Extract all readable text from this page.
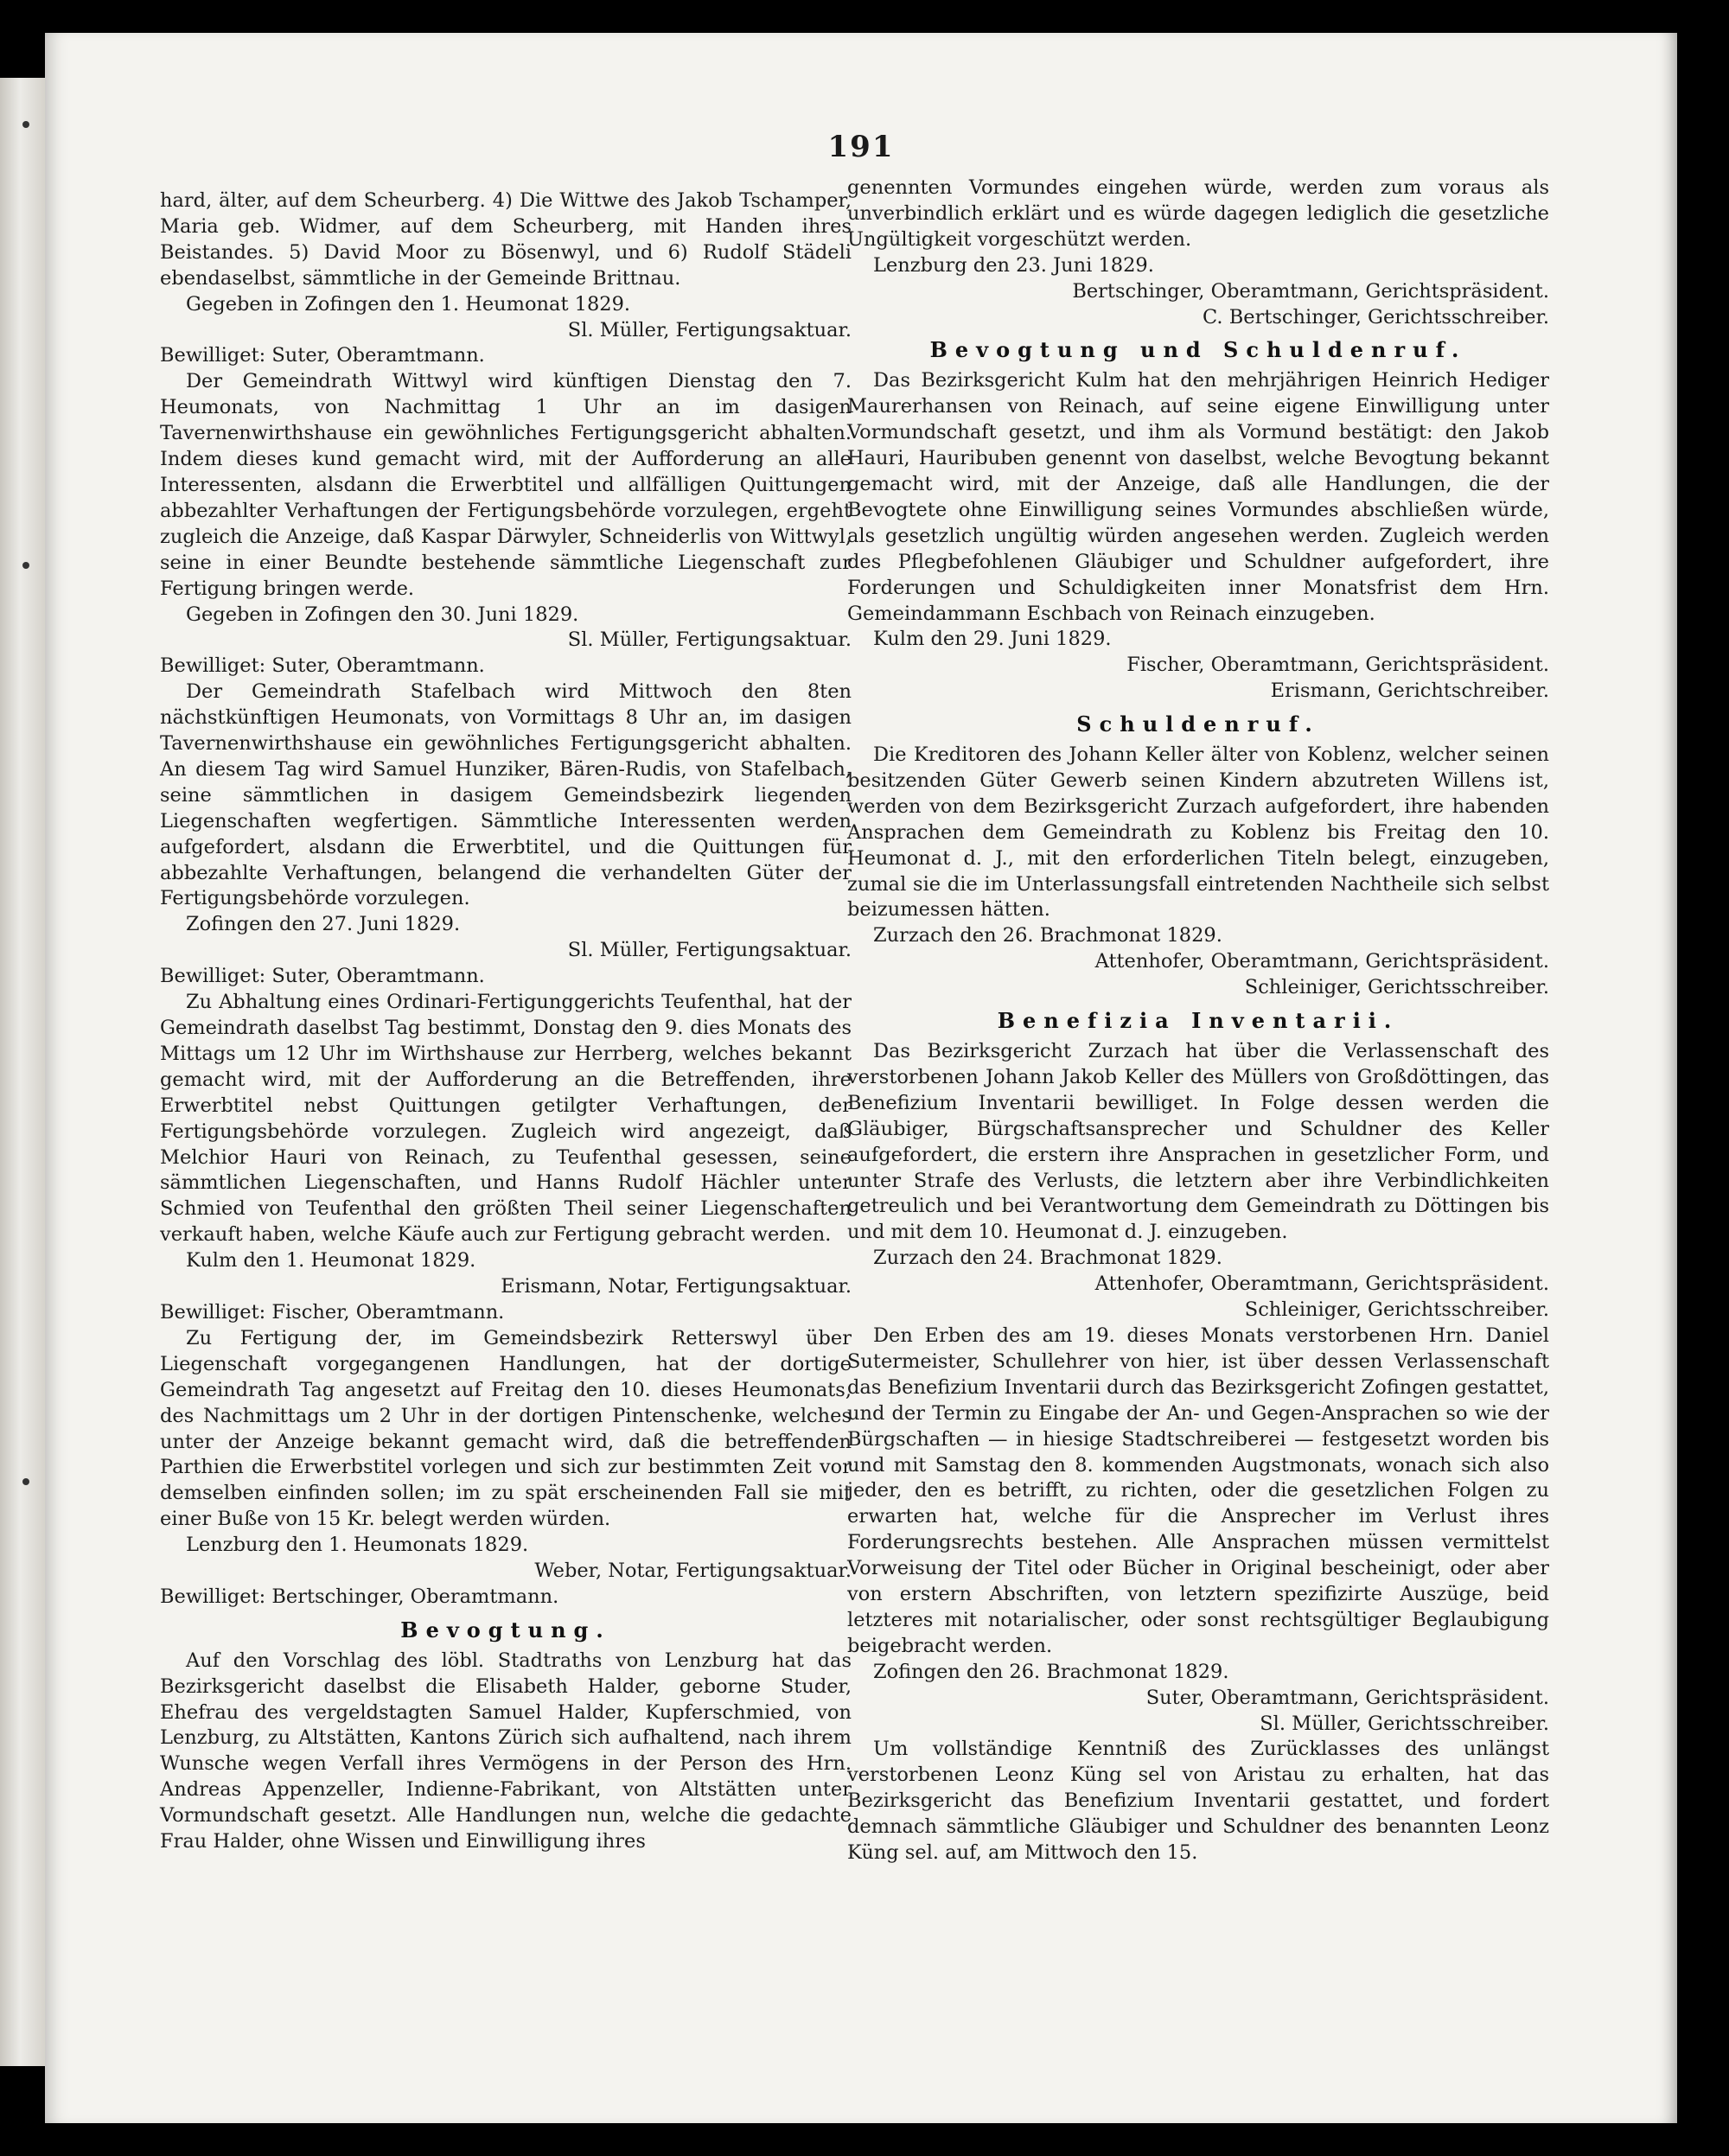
191

hard, älter, auf dem Scheurberg. 4) Die Wittwe des Jakob Tschamper, Maria geb. Widmer, auf dem Scheurberg, mit Handen ihres Beistandes. 5) David Moor zu Bösenwyl, und 6) Rudolf Städeli ebendaselbst, sämmtliche in der Gemeinde Brittnau.

Gegeben in Zofingen den 1. Heumonat 1829.

Sl. Müller, Fertigungsaktuar.

Bewilliget: Suter, Oberamtmann.

Der Gemeindrath Wittwyl wird künftigen Dienstag den 7. Heumonats, von Nachmittag 1 Uhr an im dasigen Tavernenwirthshause ein gewöhnliches Fertigungsgericht abhalten. Indem dieses kund gemacht wird, mit der Aufforderung an alle Interessenten, alsdann die Erwerbtitel und allfälligen Quittungen abbezahlter Verhaftungen der Fertigungsbehörde vorzulegen, ergeht zugleich die Anzeige, daß Kaspar Därwyler, Schneiderlis von Wittwyl, seine in einer Beundte bestehende sämmtliche Liegenschaft zur Fertigung bringen werde.

Gegeben in Zofingen den 30. Juni 1829.

Sl. Müller, Fertigungsaktuar.

Bewilliget: Suter, Oberamtmann.

Der Gemeindrath Stafelbach wird Mittwoch den 8ten nächstkünftigen Heumonats, von Vormittags 8 Uhr an, im dasigen Tavernenwirthshause ein gewöhnliches Fertigungsgericht abhalten. An diesem Tag wird Samuel Hunziker, Bären-Rudis, von Stafelbach, seine sämmtlichen in dasigem Gemeindsbezirk liegenden Liegenschaften wegfertigen. Sämmtliche Interessenten werden aufgefordert, alsdann die Erwerbtitel, und die Quittungen für abbezahlte Verhaftungen, belangend die verhandelten Güter der Fertigungsbehörde vorzulegen.

Zofingen den 27. Juni 1829.

Sl. Müller, Fertigungsaktuar.

Bewilliget: Suter, Oberamtmann.

Zu Abhaltung eines Ordinari-Fertigunggerichts Teufenthal, hat der Gemeindrath daselbst Tag bestimmt, Donstag den 9. dies Monats des Mittags um 12 Uhr im Wirthshause zur Herrberg, welches bekannt gemacht wird, mit der Aufforderung an die Betreffenden, ihre Erwerbtitel nebst Quittungen getilgter Verhaftungen, der Fertigungsbehörde vorzulegen. Zugleich wird angezeigt, daß Melchior Hauri von Reinach, zu Teufenthal gesessen, seine sämmtlichen Liegenschaften, und Hanns Rudolf Hächler unter Schmied von Teufenthal den größten Theil seiner Liegenschaften verkauft haben, welche Käufe auch zur Fertigung gebracht werden.

Kulm den 1. Heumonat 1829.

Erismann, Notar, Fertigungsaktuar.

Bewilliget: Fischer, Oberamtmann.

Zu Fertigung der, im Gemeindsbezirk Retterswyl über Liegenschaft vorgegangenen Handlungen, hat der dortige Gemeindrath Tag angesetzt auf Freitag den 10. dieses Heumonats, des Nachmittags um 2 Uhr in der dortigen Pintenschenke, welches unter der Anzeige bekannt gemacht wird, daß die betreffenden Parthien die Erwerbstitel vorlegen und sich zur bestimmten Zeit vor demselben einfinden sollen; im zu spät erscheinenden Fall sie mit einer Buße von 15 Kr. belegt werden würden.

Lenzburg den 1. Heumonats 1829.

Weber, Notar, Fertigungsaktuar.

Bewilliget: Bertschinger, Oberamtmann.

Bevogtung.

Auf den Vorschlag des löbl. Stadtraths von Lenzburg hat das Bezirksgericht daselbst die Elisabeth Halder, geborne Studer, Ehefrau des vergeldstagten Samuel Halder, Kupferschmied, von Lenzburg, zu Altstätten, Kantons Zürich sich aufhaltend, nach ihrem Wunsche wegen Verfall ihres Vermögens in der Person des Hrn. Andreas Appenzeller, Indienne-Fabrikant, von Altstätten unter Vormundschaft gesetzt. Alle Handlungen nun, welche die gedachte Frau Halder, ohne Wissen und Einwilligung ihres

genennten Vormundes eingehen würde, werden zum voraus als unverbindlich erklärt und es würde dagegen lediglich die gesetzliche Ungültigkeit vorgeschützt werden.

Lenzburg den 23. Juni 1829.

Bertschinger, Oberamtmann, Gerichtspräsident.

C. Bertschinger, Gerichtsschreiber.

Bevogtung und Schuldenruf.

Das Bezirksgericht Kulm hat den mehrjährigen Heinrich Hediger Maurerhansen von Reinach, auf seine eigene Einwilligung unter Vormundschaft gesetzt, und ihm als Vormund bestätigt: den Jakob Hauri, Hauribuben genennt von daselbst, welche Bevogtung bekannt gemacht wird, mit der Anzeige, daß alle Handlungen, die der Bevogtete ohne Einwilligung seines Vormundes abschließen würde, als gesetzlich ungültig würden angesehen werden. Zugleich werden des Pflegbefohlenen Gläubiger und Schuldner aufgefordert, ihre Forderungen und Schuldigkeiten inner Monatsfrist dem Hrn. Gemeindammann Eschbach von Reinach einzugeben.

Kulm den 29. Juni 1829.

Fischer, Oberamtmann, Gerichtspräsident.

Erismann, Gerichtschreiber.

Schuldenruf.

Die Kreditoren des Johann Keller älter von Koblenz, welcher seinen besitzenden Güter Gewerb seinen Kindern abzutreten Willens ist, werden von dem Bezirksgericht Zurzach aufgefordert, ihre habenden Ansprachen dem Gemeindrath zu Koblenz bis Freitag den 10. Heumonat d. J., mit den erforderlichen Titeln belegt, einzugeben, zumal sie die im Unterlassungsfall eintretenden Nachtheile sich selbst beizumessen hätten.

Zurzach den 26. Brachmonat 1829.

Attenhofer, Oberamtmann, Gerichtspräsident.

Schleiniger, Gerichtsschreiber.

Benefizia Inventarii.

Das Bezirksgericht Zurzach hat über die Verlassenschaft des verstorbenen Johann Jakob Keller des Müllers von Großdöttingen, das Benefizium Inventarii bewilliget. In Folge dessen werden die Gläubiger, Bürgschaftsansprecher und Schuldner des Keller aufgefordert, die erstern ihre Ansprachen in gesetzlicher Form, und unter Strafe des Verlusts, die letztern aber ihre Verbindlichkeiten getreulich und bei Verantwortung dem Gemeindrath zu Döttingen bis und mit dem 10. Heumonat d. J. einzugeben.

Zurzach den 24. Brachmonat 1829.

Attenhofer, Oberamtmann, Gerichtspräsident.

Schleiniger, Gerichtsschreiber.

Den Erben des am 19. dieses Monats verstorbenen Hrn. Daniel Sutermeister, Schullehrer von hier, ist über dessen Verlassenschaft das Benefizium Inventarii durch das Bezirksgericht Zofingen gestattet, und der Termin zu Eingabe der An- und Gegen-Ansprachen so wie der Bürgschaften — in hiesige Stadtschreiberei — festgesetzt worden bis und mit Samstag den 8. kommenden Augstmonats, wonach sich also jeder, den es betrifft, zu richten, oder die gesetzlichen Folgen zu erwarten hat, welche für die Ansprecher im Verlust ihres Forderungsrechts bestehen. Alle Ansprachen müssen vermittelst Vorweisung der Titel oder Bücher in Original bescheinigt, oder aber von erstern Abschriften, von letztern spezifizirte Auszüge, beid letzteres mit notarialischer, oder sonst rechtsgültiger Beglaubigung beigebracht werden.

Zofingen den 26. Brachmonat 1829.

Suter, Oberamtmann, Gerichtspräsident.

Sl. Müller, Gerichtsschreiber.

Um vollständige Kenntniß des Zurücklasses des unlängst verstorbenen Leonz Küng sel von Aristau zu erhalten, hat das Bezirksgericht das Benefizium Inventarii gestattet, und fordert demnach sämmtliche Gläubiger und Schuldner des benannten Leonz Küng sel. auf, am Mittwoch den 15.
